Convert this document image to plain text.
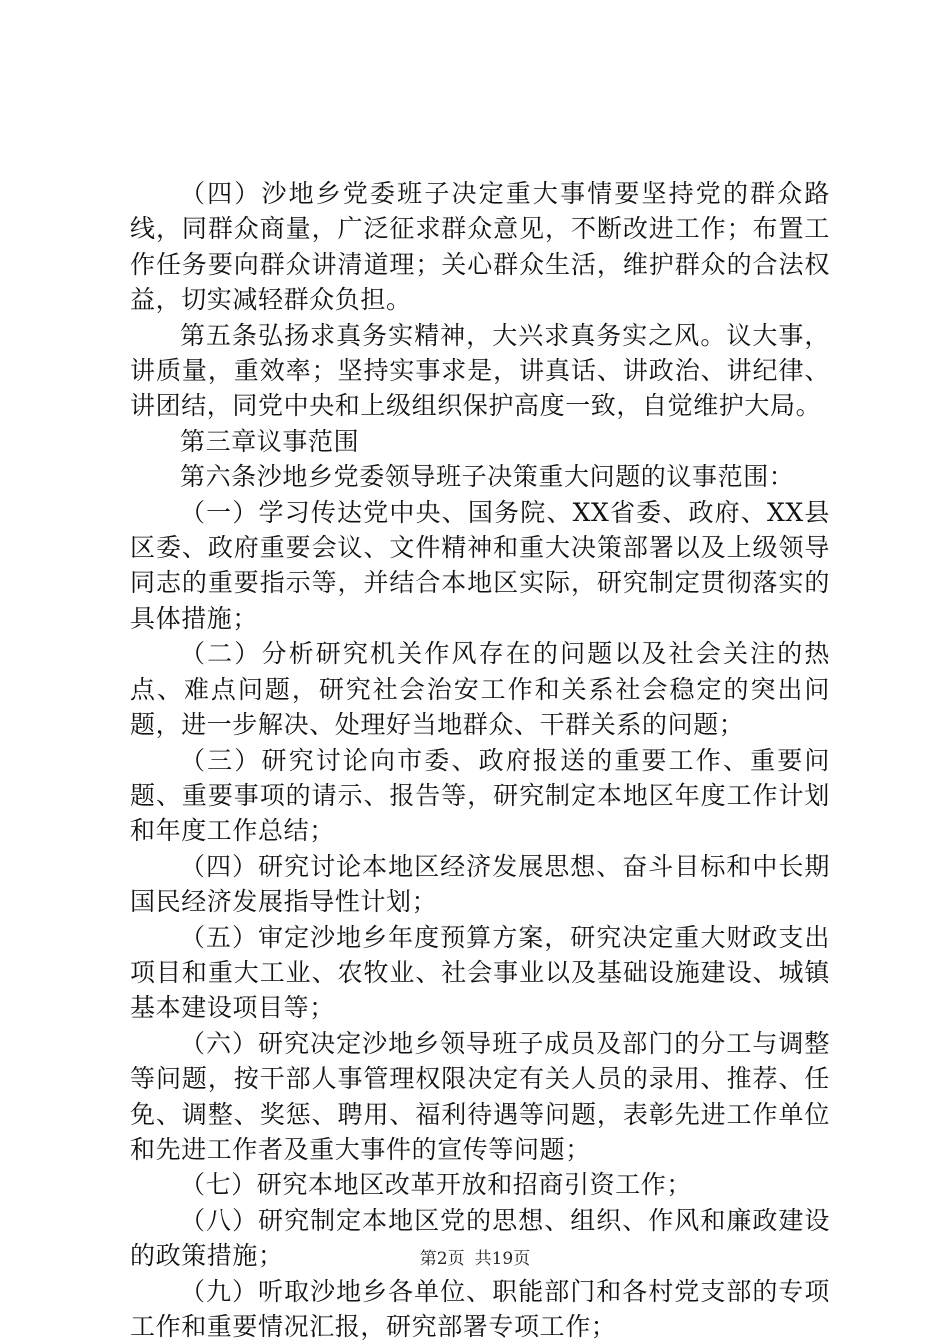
（四）沙地乡党委班子决定重大事情要坚持党的群众路线，同群众商量，广泛征求群众意见，不断改进工作；布置工作任务要向群众讲清道理；关心群众生活，维护群众的合法权益，切实减轻群众负担。

第五条弘扬求真务实精神，大兴求真务实之风。议大事，讲质量，重效率；坚持实事求是，讲真话、讲政治、讲纪律、讲团结，同党中央和上级组织保护高度一致，自觉维护大局。

第三章议事范围

第六条沙地乡党委领导班子决策重大问题的议事范围：

（一）学习传达党中央、国务院、XX省委、政府、XX县区委、政府重要会议、文件精神和重大决策部署以及上级领导同志的重要指示等，并结合本地区实际，研究制定贯彻落实的具体措施；

（二）分析研究机关作风存在的问题以及社会关注的热点、难点问题，研究社会治安工作和关系社会稳定的突出问题，进一步解决、处理好当地群众、干群关系的问题；

（三）研究讨论向市委、政府报送的重要工作、重要问题、重要事项的请示、报告等，研究制定本地区年度工作计划和年度工作总结；

（四）研究讨论本地区经济发展思想、奋斗目标和中长期国民经济发展指导性计划；

（五）审定沙地乡年度预算方案，研究决定重大财政支出项目和重大工业、农牧业、社会事业以及基础设施建设、城镇基本建设项目等；

（六）研究决定沙地乡领导班子成员及部门的分工与调整等问题，按干部人事管理权限决定有关人员的录用、推荐、任免、调整、奖惩、聘用、福利待遇等问题，表彰先进工作单位和先进工作者及重大事件的宣传等问题；

（七）研究本地区改革开放和招商引资工作；

（八）研究制定本地区党的思想、组织、作风和廉政建设的政策措施；

（九）听取沙地乡各单位、职能部门和各村党支部的专项工作和重要情况汇报，研究部署专项工作；

第2页 共19页
